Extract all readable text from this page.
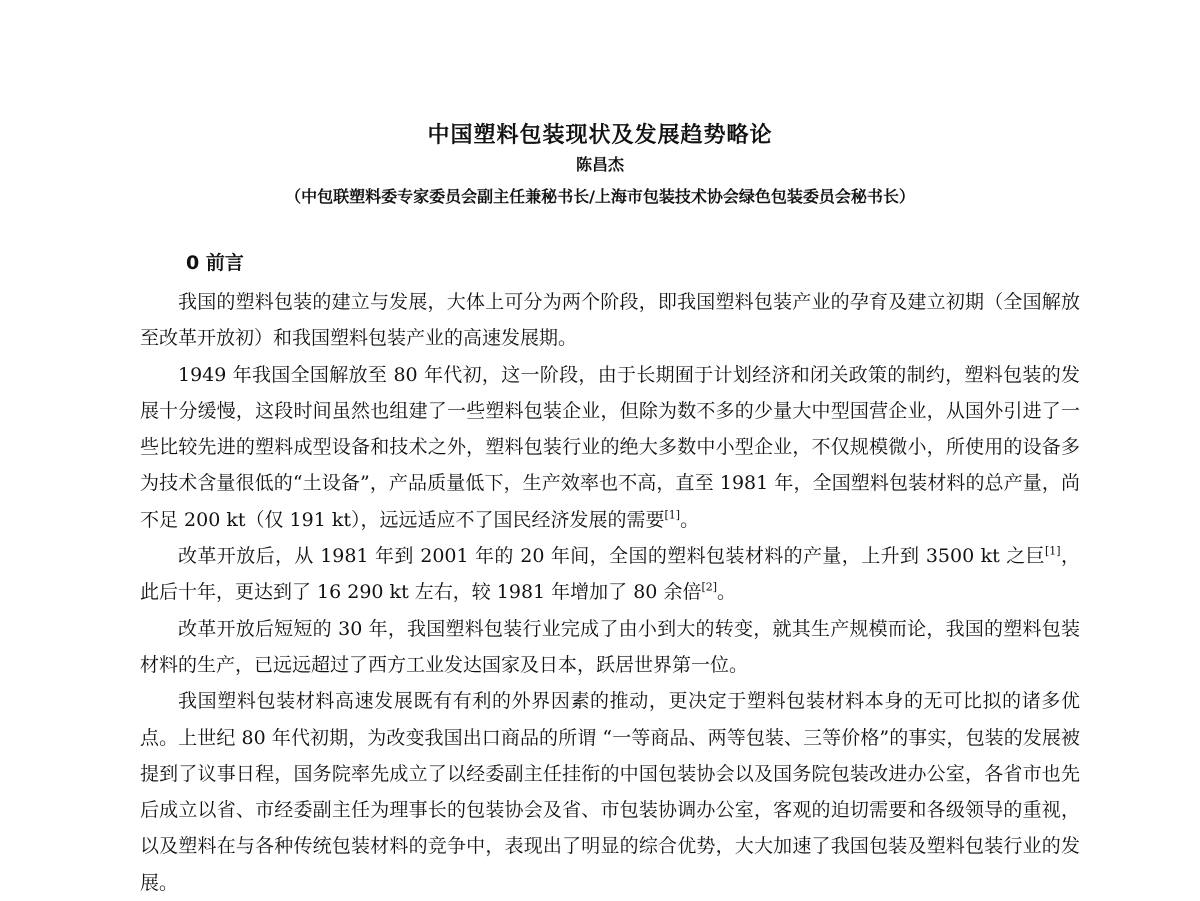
中国塑料包装现状及发展趋势略论
陈昌杰
（中包联塑料委专家委员会副主任兼秘书长/上海市包装技术协会绿色包装委员会秘书长）
0 前言

我国的塑料包装的建立与发展，大体上可分为两个阶段，即我国塑料包装产业的孕育及建立初期（全国解放至改革开放初）和我国塑料包装产业的高速发展期。

1949 年我国全国解放至 80 年代初，这一阶段，由于长期囿于计划经济和闭关政策的制约，塑料包装的发展十分缓慢，这段时间虽然也组建了一些塑料包装企业，但除为数不多的少量大中型国营企业，从国外引进了一些比较先进的塑料成型设备和技术之外，塑料包装行业的绝大多数中小型企业，不仅规模微小，所使用的设备多为技术含量很低的“土设备”，产品质量低下，生产效率也不高，直至 1981 年，全国塑料包装材料的总产量，尚不足 200 kt（仅 191 kt），远远适应不了国民经济发展的需要[1]。

改革开放后，从 1981 年到 2001 年的 20 年间，全国的塑料包装材料的产量，上升到 3500 kt 之巨[1]，此后十年，更达到了 16 290 kt 左右，较 1981 年增加了 80 余倍[2]。

改革开放后短短的 30 年，我国塑料包装行业完成了由小到大的转变，就其生产规模而论，我国的塑料包装材料的生产，已远远超过了西方工业发达国家及日本，跃居世界第一位。

我国塑料包装材料高速发展既有有利的外界因素的推动，更决定于塑料包装材料本身的无可比拟的诸多优点。上世纪 80 年代初期，为改变我国出口商品的所谓 “一等商品、两等包装、三等价格”的事实，包装的发展被提到了议事日程，国务院率先成立了以经委副主任挂衔的中国包装协会以及国务院包装改进办公室，各省市也先后成立以省、市经委副主任为理事长的包装协会及省、市包装协调办公室，客观的迫切需要和各级领导的重视，以及塑料在与各种传统包装材料的竞争中，表现出了明显的综合优势，大大加速了我国包装及塑料包装行业的发展。
